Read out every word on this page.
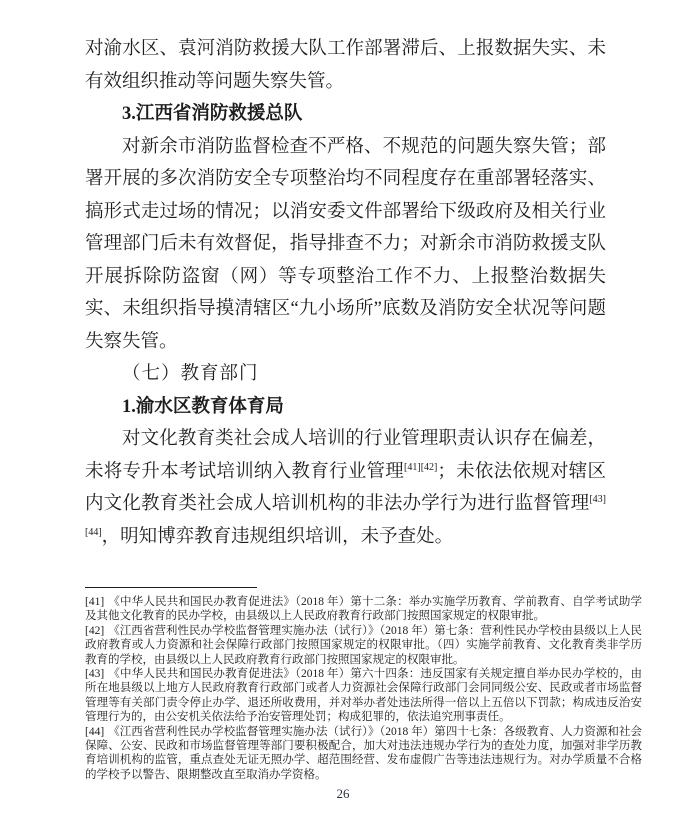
对渝水区、袁河消防救援大队工作部署滞后、上报数据失实、未有效组织推动等问题失察失管。

3.江西省消防救援总队

对新余市消防监督检查不严格、不规范的问题失察失管；部署开展的多次消防安全专项整治均不同程度存在重部署轻落实、搞形式走过场的情况；以消安委文件部署给下级政府及相关行业管理部门后未有效督促，指导排查不力；对新余市消防救援支队开展拆除防盗窗（网）等专项整治工作不力、上报整治数据失实、未组织指导摸清辖区“九小场所”底数及消防安全状况等问题失察失管。

（七）教育部门

1.渝水区教育体育局

对文化教育类社会成人培训的行业管理职责认识存在偏差，未将专升本考试培训纳入教育行业管理[41][42]；未依法依规对辖区内文化教育类社会成人培训机构的非法办学行为进行监督管理[43][44]，明知博弈教育违规组织培训，未予查处。

[41] 《中华人民共和国民办教育促进法》（2018 年）第十二条：举办实施学历教育、学前教育、自学考试助学及其他文化教育的民办学校，由县级以上人民政府教育行政部门按照国家规定的权限审批。

[42] 《江西省营利性民办学校监督管理实施办法（试行）》（2018 年）第七条：营利性民办学校由县级以上人民政府教育或人力资源和社会保障行政部门按照国家规定的权限审批。（四）实施学前教育、文化教育类非学历教育的学校，由县级以上人民政府教育行政部门按照国家规定的权限审批。

[43] 《中华人民共和国民办教育促进法》（2018 年）第六十四条：违反国家有关规定擅自举办民办学校的，由所在地县级以上地方人民政府教育行政部门或者人力资源社会保障行政部门会同同级公安、民政或者市场监督管理等有关部门责令停止办学、退还所收费用，并对举办者处违法所得一倍以上五倍以下罚款；构成违反治安管理行为的，由公安机关依法给予治安管理处罚；构成犯罪的，依法追究刑事责任。

[44] 《江西省营利性民办学校监督管理实施办法（试行）》（2018 年）第四十七条：各级教育、人力资源和社会保障、公安、民政和市场监督管理等部门要积极配合，加大对违法违规办学行为的查处力度，加强对非学历教育培训机构的监管，重点查处无证无照办学、超范围经营、发布虚假广告等违法违规行为。对办学质量不合格的学校予以警告、限期整改直至取消办学资格。

26
